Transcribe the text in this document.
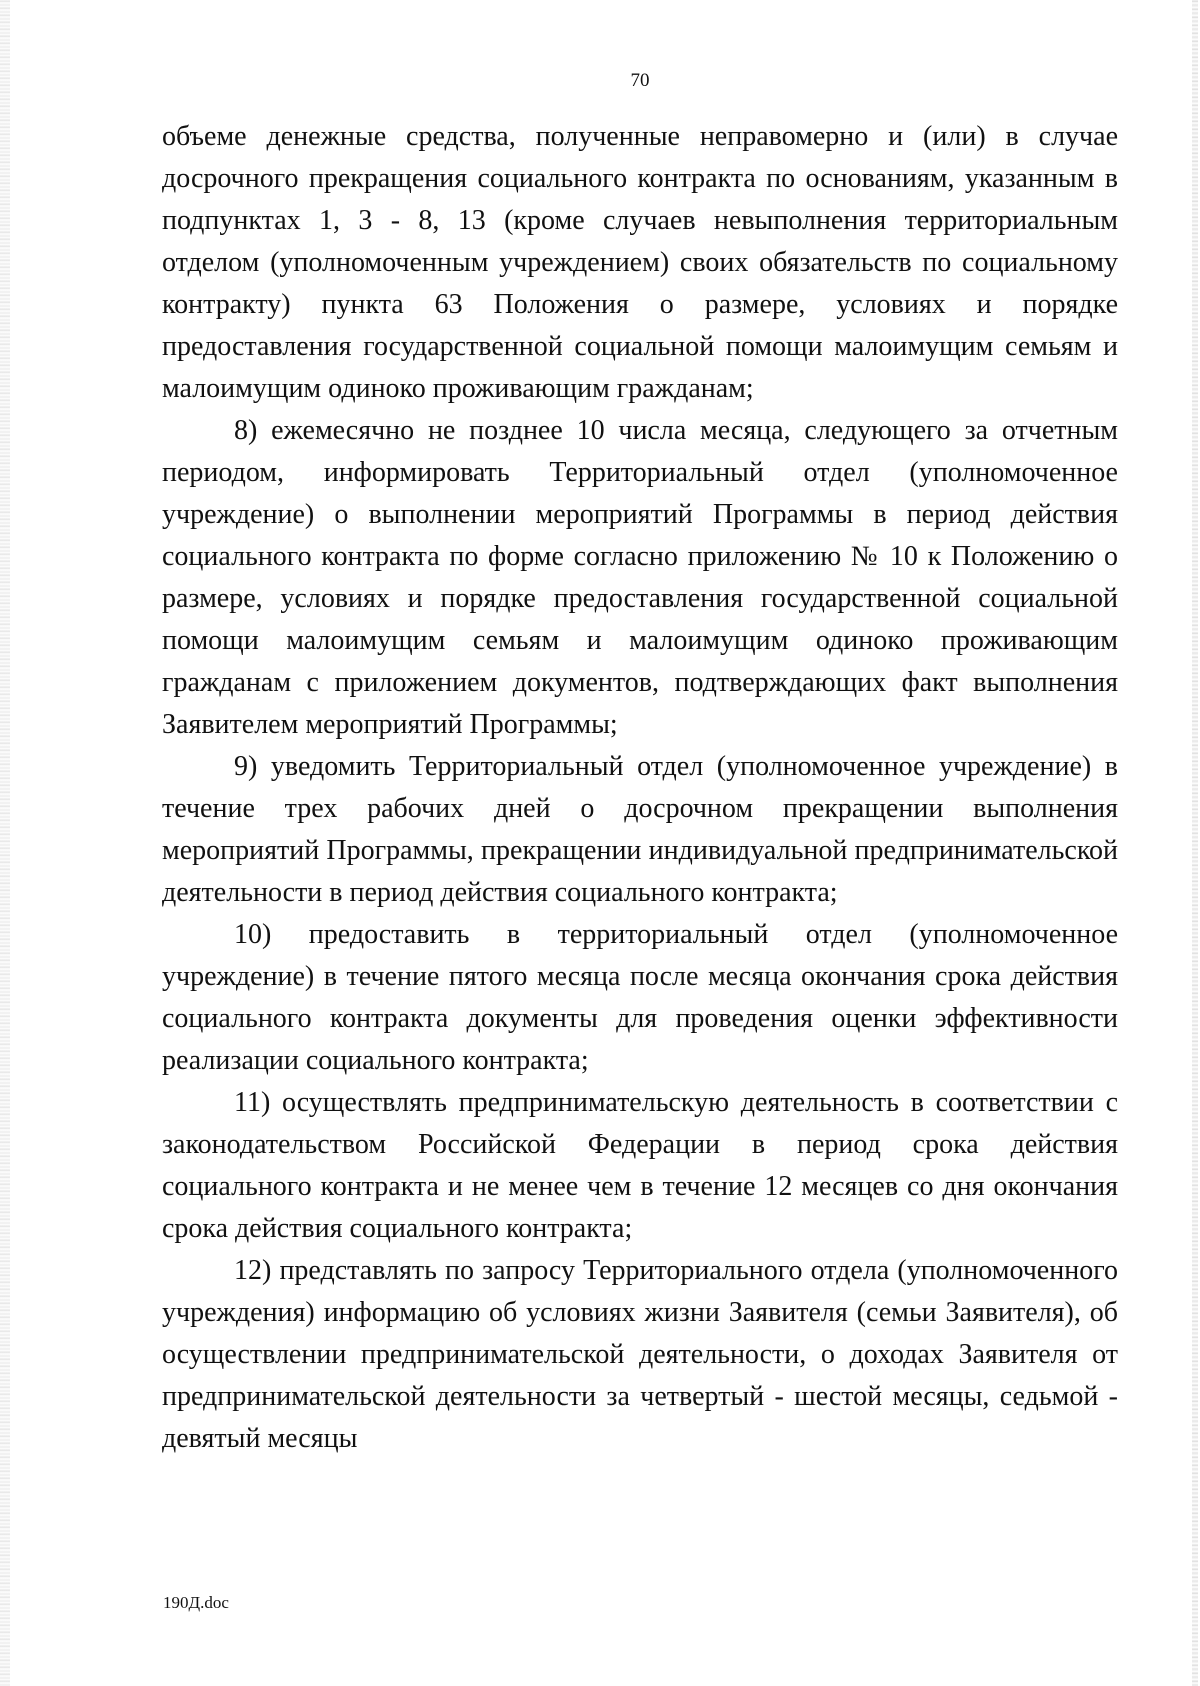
70

объеме денежные средства, полученные неправомерно и (или) в случае досрочного прекращения социального контракта по основаниям, указанным в подпунктах 1, 3 - 8, 13 (кроме случаев невыполнения территориальным отделом (уполномоченным учреждением) своих обязательств по социальному контракту) пункта 63 Положения о размере, условиях и порядке предоставления государственной социальной помощи малоимущим семьям и малоимущим одиноко проживающим гражданам;

8) ежемесячно не позднее 10 числа месяца, следующего за отчетным периодом, информировать Территориальный отдел (уполномоченное учреждение) о выполнении мероприятий Программы в период действия социального контракта по форме согласно приложению № 10 к Положению о размере, условиях и порядке предоставления государственной социальной помощи малоимущим семьям и малоимущим одиноко проживающим гражданам с приложением документов, подтверждающих факт выполнения Заявителем мероприятий Программы;

9) уведомить Территориальный отдел (уполномоченное учреждение) в течение трех рабочих дней о досрочном прекращении выполнения мероприятий Программы, прекращении индивидуальной предпринимательской деятельности в период действия социального контракта;

10) предоставить в территориальный отдел (уполномоченное учреждение) в течение пятого месяца после месяца окончания срока действия социального контракта документы для проведения оценки эффективности реализации социального контракта;

11) осуществлять предпринимательскую деятельность в соответствии с законодательством Российской Федерации в период срока действия социального контракта и не менее чем в течение 12 месяцев со дня окончания срока действия социального контракта;

12) представлять по запросу Территориального отдела (уполномоченного учреждения) информацию об условиях жизни Заявителя (семьи Заявителя), об осуществлении предпринимательской деятельности, о доходах Заявителя от предпринимательской деятельности за четвертый - шестой месяцы, седьмой - девятый месяцы

190Д.doc
